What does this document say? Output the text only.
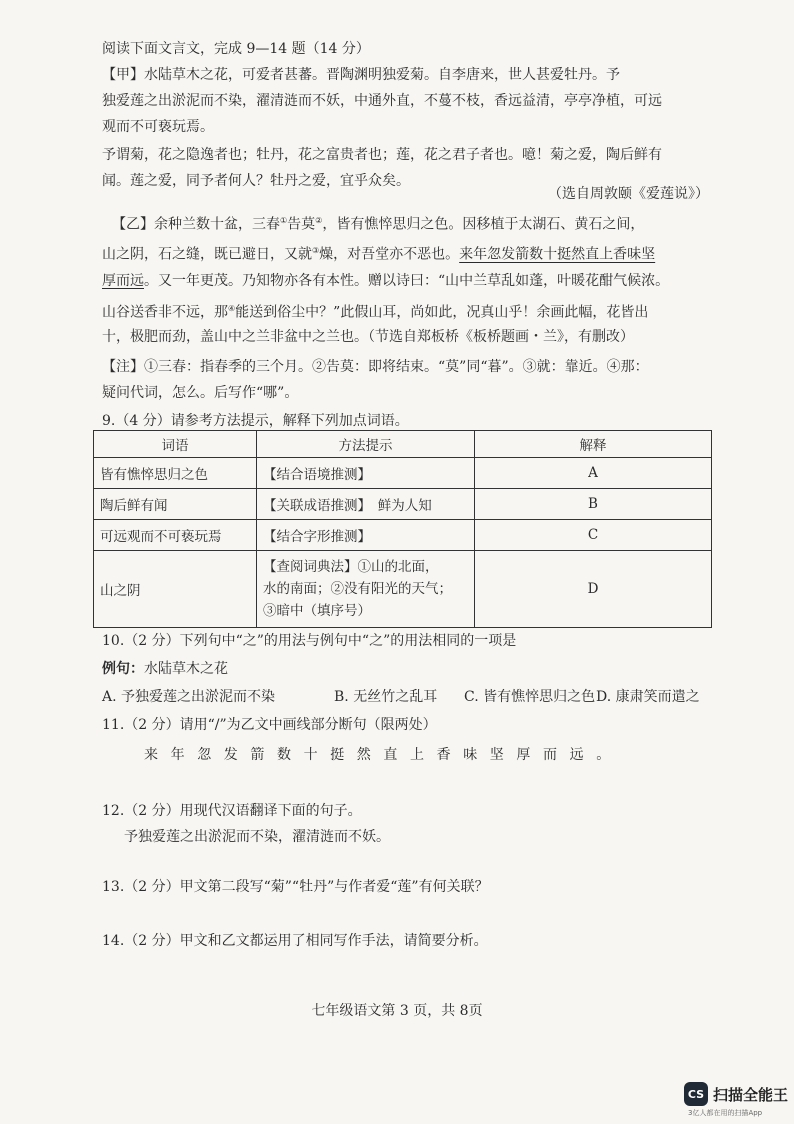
阅读下面文言文，完成 9—14 题（14 分）
【甲】水陆草木之花，可爱者甚蕃。晋陶渊明独爱菊。自李唐来，世人甚爱牡丹。予
独爱莲之出淤泥而不染，濯清涟而不妖，中通外直，不蔓不枝，香远益清，亭亭净植，可远
观而不可亵玩焉。
予谓菊，花之隐逸者也；牡丹，花之富贵者也；莲，花之君子者也。噫！菊之爱，陶后鲜有
闻。莲之爱，同予者何人？牡丹之爱，宜乎众矣。
（选自周敦颐《爱莲说》）
【乙】余种兰数十盆，三春①告莫②，皆有憔悴思归之色。因移植于太湖石、黄石之间，
山之阴，石之缝，既已避日，又就③燥，对吾堂亦不恶也。来年忽发箭数十挺然直上香味坚
厚而远。又一年更茂。乃知物亦各有本性。赠以诗曰：“山中兰草乱如蓬，叶暖花酣气候浓。
山谷送香非不远，那④能送到俗尘中？”此假山耳，尚如此，况真山乎！余画此幅，花皆出
十，极肥而劲，盖山中之兰非盆中之兰也。（节选自郑板桥《板桥题画・兰》，有删改）
【注】①三春：指春季的三个月。②告莫：即将结束。“莫”同“暮”。③就：靠近。④那：
疑问代词，怎么。后写作“哪”。
9.（4 分）请参考方法提示，解释下列加点词语。
词语	方法提示	解释
皆有憔悴思归之色	【结合语境推测】	A
陶后鲜有闻	【关联成语推测】　鲜为人知	B
可远观而不可亵玩焉	【结合字形推测】	C
山之阴	【查阅词典法】①山的北面，
水的南面；②没有阳光的天气；
③暗中（填序号）	D
10.（2 分）下列句中“之”的用法与例句中“之”的用法相同的一项是
例句：水陆草木之花
A. 予独爱莲之出淤泥而不染	B. 无丝竹之乱耳 C. 皆有憔悴思归之色 D. 康肃笑而遣之
11.（2 分）请用“/”为乙文中画线部分断句（限两处）
来年忽发箭数十挺然直上香味坚厚而远。
12.（2 分）用现代汉语翻译下面的句子。
予独爱莲之出淤泥而不染，濯清涟而不妖。
13.（2 分）甲文第二段写“菊”“牡丹”与作者爱“莲”有何关联？
14.（2 分）甲文和乙文都运用了相同写作手法，请简要分析。
七年级语文第 3 页，共 8页
CS 扫描全能王
3亿人都在用的扫描App
